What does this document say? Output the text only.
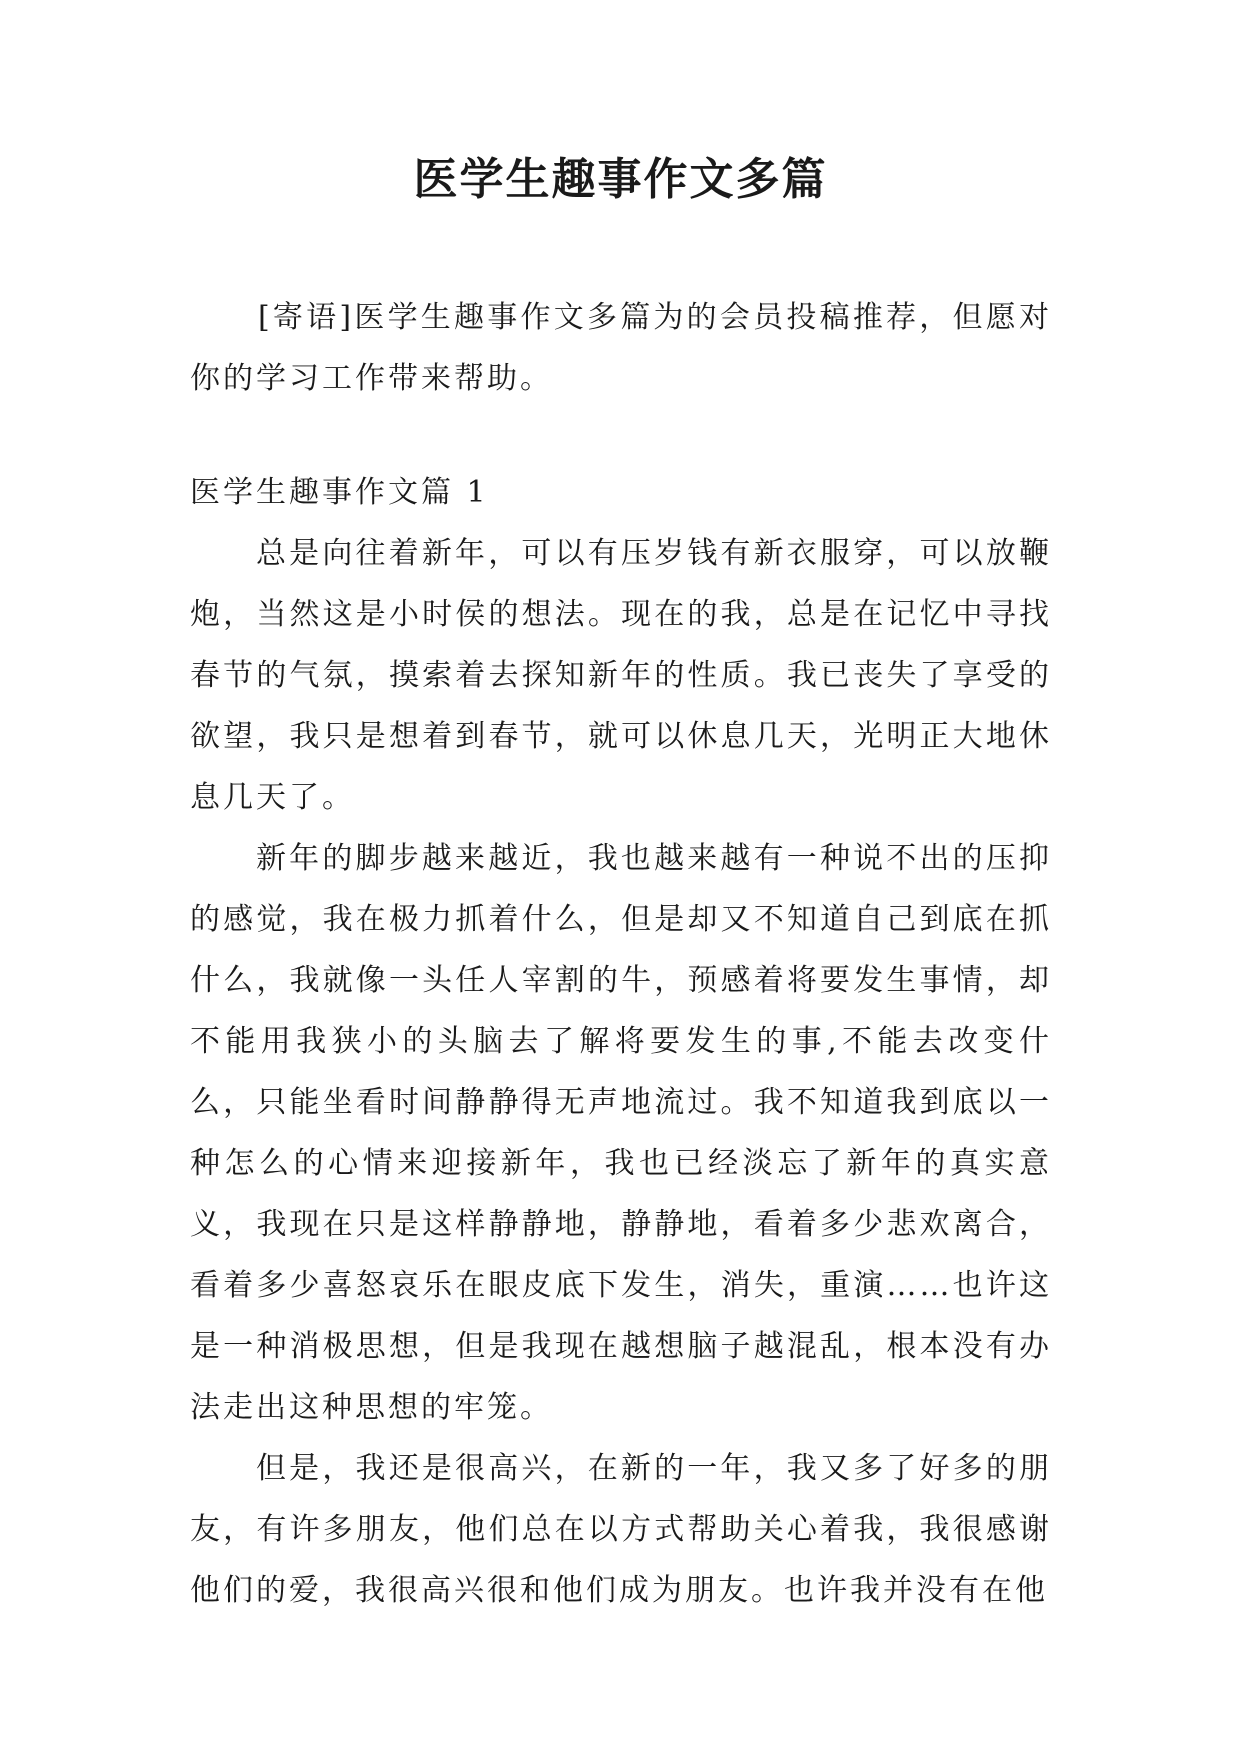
医学生趣事作文多篇

[寄语]医学生趣事作文多篇为的会员投稿推荐，但愿对你的学习工作带来帮助。

医学生趣事作文篇 1

总是向往着新年，可以有压岁钱有新衣服穿，可以放鞭炮，当然这是小时侯的想法。现在的我，总是在记忆中寻找春节的气氛，摸索着去探知新年的性质。我已丧失了享受的欲望，我只是想着到春节，就可以休息几天，光明正大地休息几天了。

新年的脚步越来越近，我也越来越有一种说不出的压抑的感觉，我在极力抓着什么，但是却又不知道自己到底在抓什么，我就像一头任人宰割的牛，预感着将要发生事情，却不能用我狭小的头脑去了解将要发生的事,不能去改变什么，只能坐看时间静静得无声地流过。我不知道我到底以一种怎么的心情来迎接新年，我也已经淡忘了新年的真实意义，我现在只是这样静静地，静静地，看着多少悲欢离合，看着多少喜怒哀乐在眼皮底下发生，消失，重演……也许这是一种消极思想，但是我现在越想脑子越混乱，根本没有办法走出这种思想的牢笼。

但是，我还是很高兴，在新的一年，我又多了好多的朋友，有许多朋友，他们总在以方式帮助关心着我，我很感谢他们的爱，我很高兴很和他们成为朋友。也许我并没有在他
